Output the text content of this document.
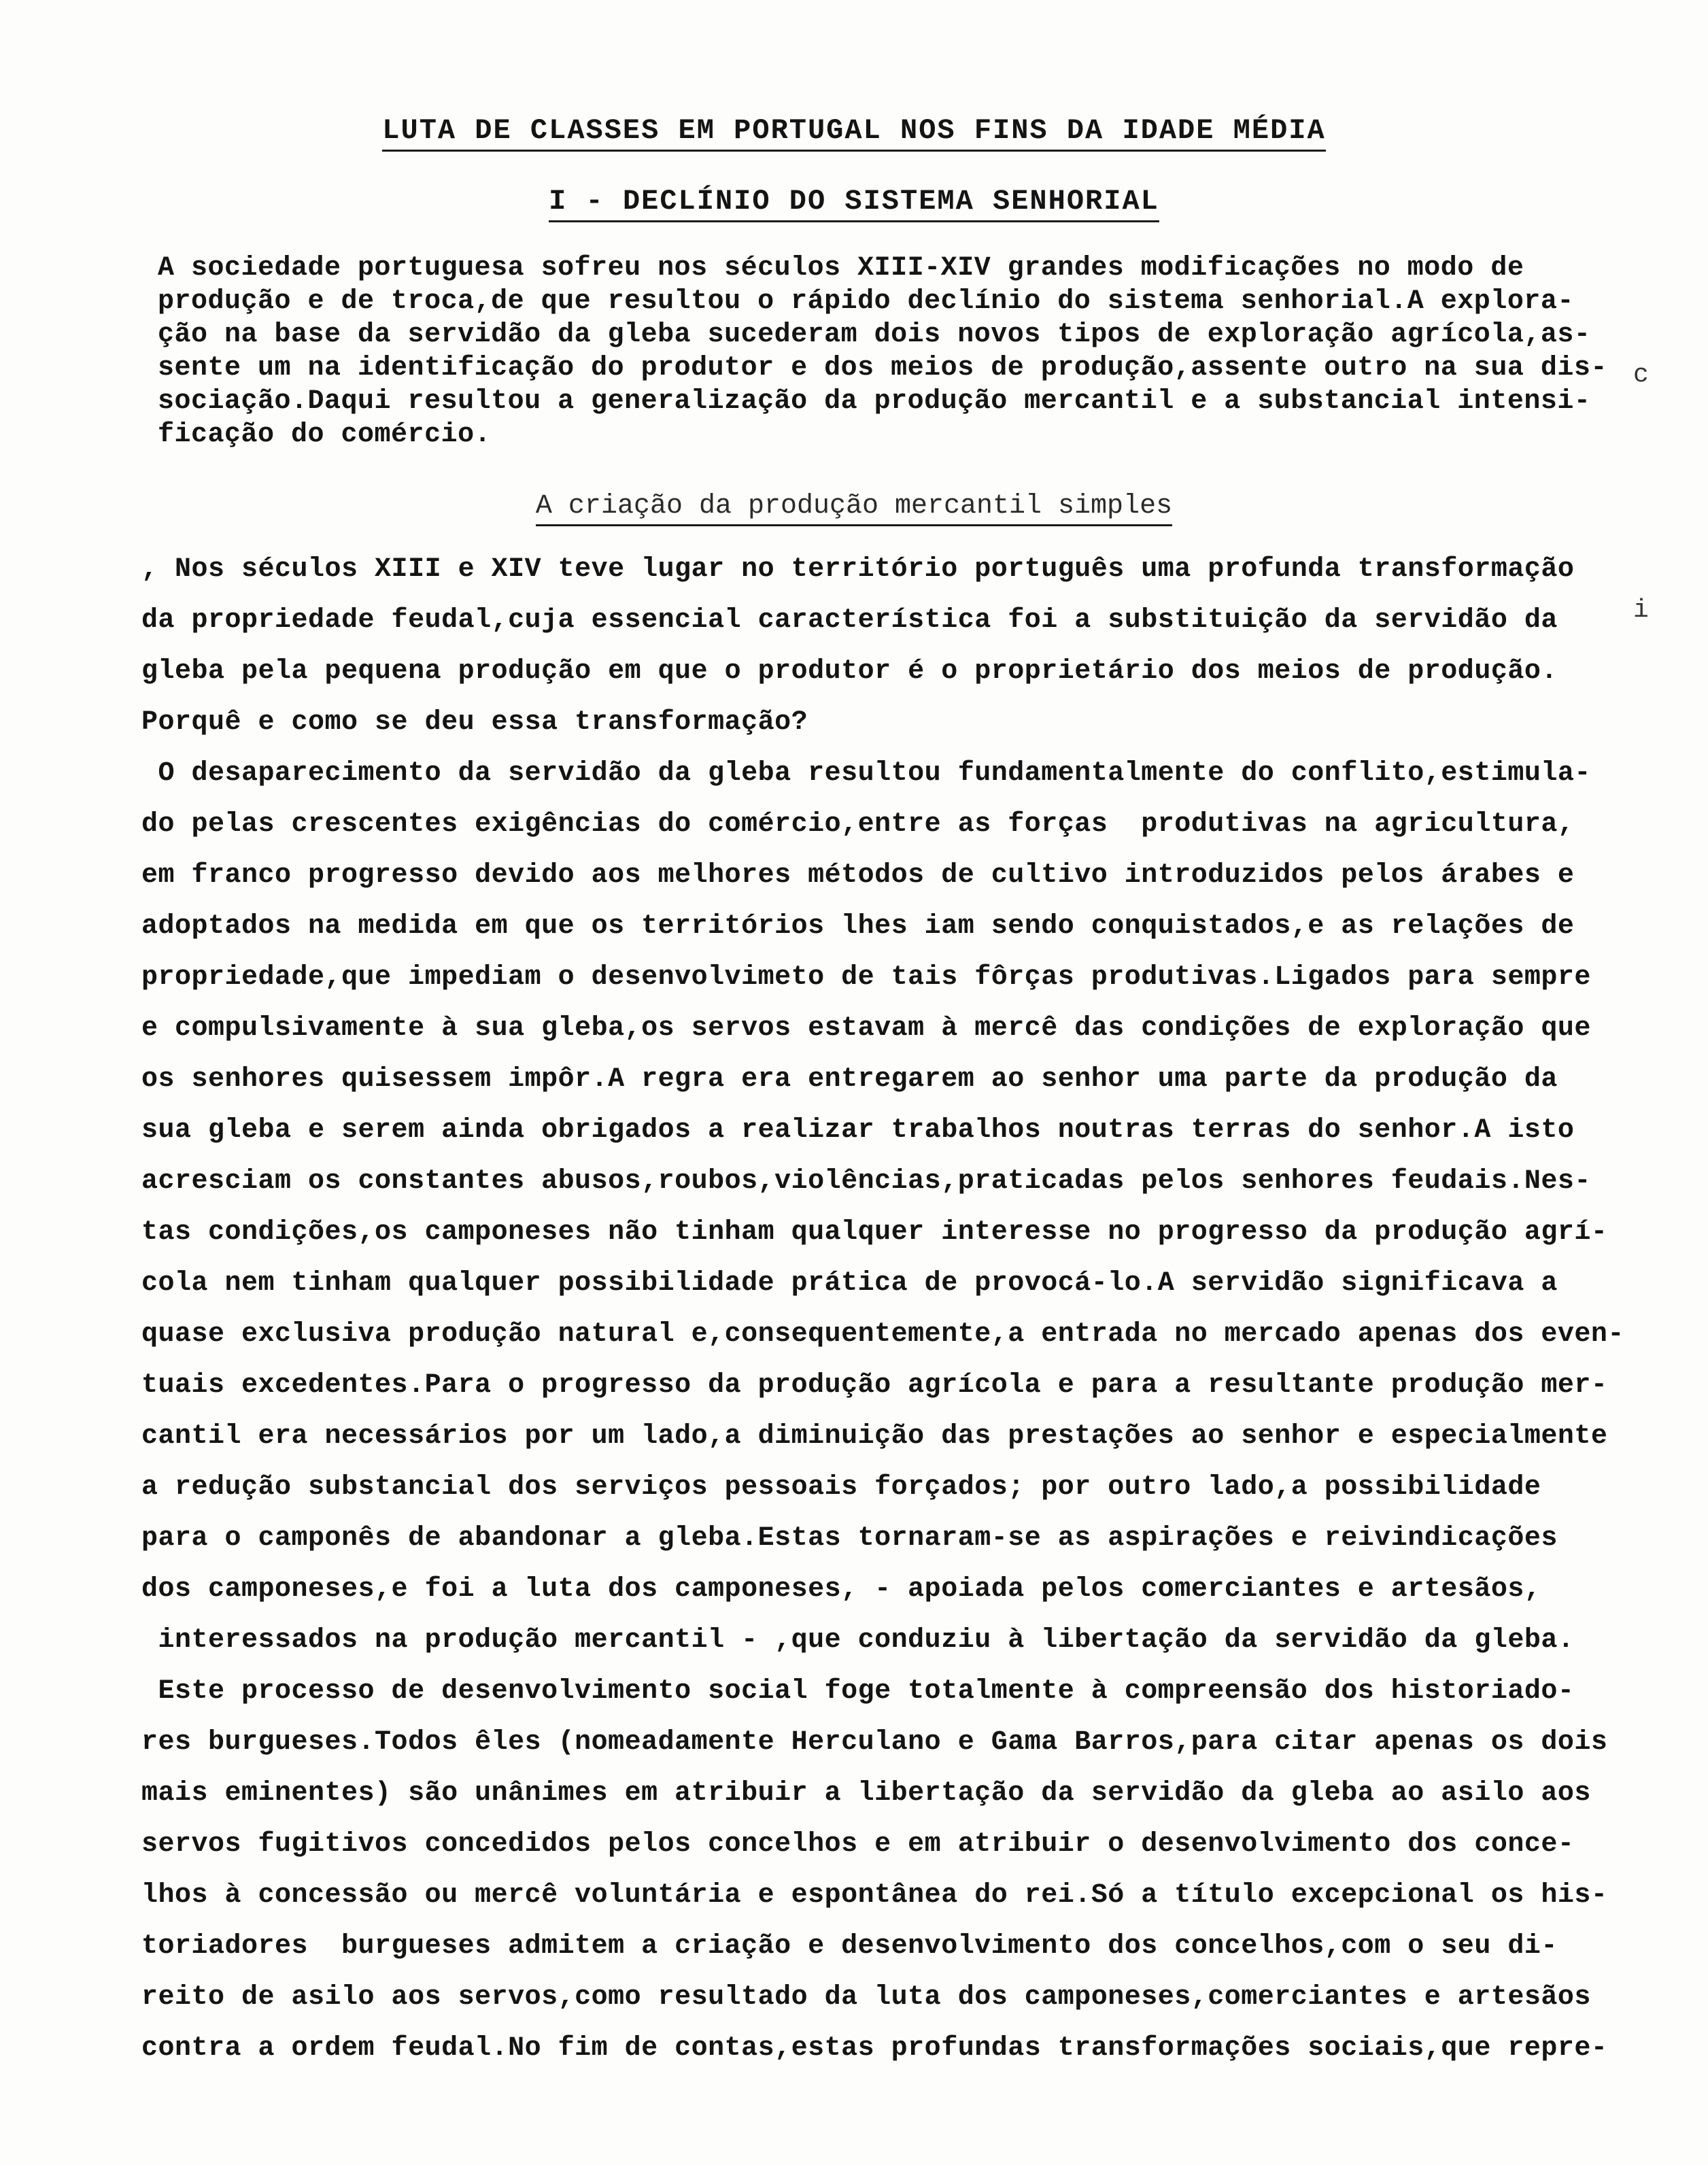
LUTA DE CLASSES EM PORTUGAL NOS FINS DA IDADE MÉDIA
I - DECLÍNIO DO SISTEMA SENHORIAL

A sociedade portuguesa sofreu nos séculos XIII-XIV grandes modificações no modo de
produção e de troca,de que resultou o rápido declínio do sistema senhorial.A explora-
ção na base da servidão da gleba sucederam dois novos tipos de exploração agrícola,as-
sente um na identificação do produtor e dos meios de produção,assente outro na sua dis-
sociação.Daqui resultou a generalização da produção mercantil e a substancial intensi-
ficação do comércio.

A criação da produção mercantil simples

, Nos séculos XIII e XIV teve lugar no território português uma profunda transformação
da propriedade feudal,cuja essencial característica foi a substituição da servidão da
gleba pela pequena produção em que o produtor é o proprietário dos meios de produção.
Porquê e como se deu essa transformação?
O desaparecimento da servidão da gleba resultou fundamentalmente do conflito,estimula-
do pelas crescentes exigências do comércio,entre as forças  produtivas na agricultura,
em franco progresso devido aos melhores métodos de cultivo introduzidos pelos árabes e
adoptados na medida em que os territórios lhes iam sendo conquistados,e as relações de
propriedade,que impediam o desenvolvimeto de tais fôrças produtivas.Ligados para sempre
e compulsivamente à sua gleba,os servos estavam à mercê das condições de exploração que
os senhores quisessem impôr.A regra era entregarem ao senhor uma parte da produção da
sua gleba e serem ainda obrigados a realizar trabalhos noutras terras do senhor.A isto
acresciam os constantes abusos,roubos,violências,praticadas pelos senhores feudais.Nes-
tas condições,os camponeses não tinham qualquer interesse no progresso da produção agrí-
cola nem tinham qualquer possibilidade prática de provocá-lo.A servidão significava a
quase exclusiva produção natural e,consequentemente,a entrada no mercado apenas dos even-
tuais excedentes.Para o progresso da produção agrícola e para a resultante produção mer-
cantil era necessários por um lado,a diminuição das prestações ao senhor e especialmente
a redução substancial dos serviços pessoais forçados; por outro lado,a possibilidade
para o camponês de abandonar a gleba.Estas tornaram-se as aspirações e reivindicações
dos camponeses,e foi a luta dos camponeses, - apoiada pelos comerciantes e artesãos,
interessados na produção mercantil - ,que conduziu à libertação da servidão da gleba.
Este processo de desenvolvimento social foge totalmente à compreensão dos historiado-
res burgueses.Todos êles (nomeadamente Herculano e Gama Barros,para citar apenas os dois
mais eminentes) são unânimes em atribuir a libertação da servidão da gleba ao asilo aos
servos fugitivos concedidos pelos concelhos e em atribuir o desenvolvimento dos conce-
lhos à concessão ou mercê voluntária e espontânea do rei.Só a título excepcional os his-
toriadores  burgueses admitem a criação e desenvolvimento dos concelhos,com o seu di-
reito de asilo aos servos,como resultado da luta dos camponeses,comerciantes e artesãos
contra a ordem feudal.No fim de contas,estas profundas transformações sociais,que repre-

c
i
